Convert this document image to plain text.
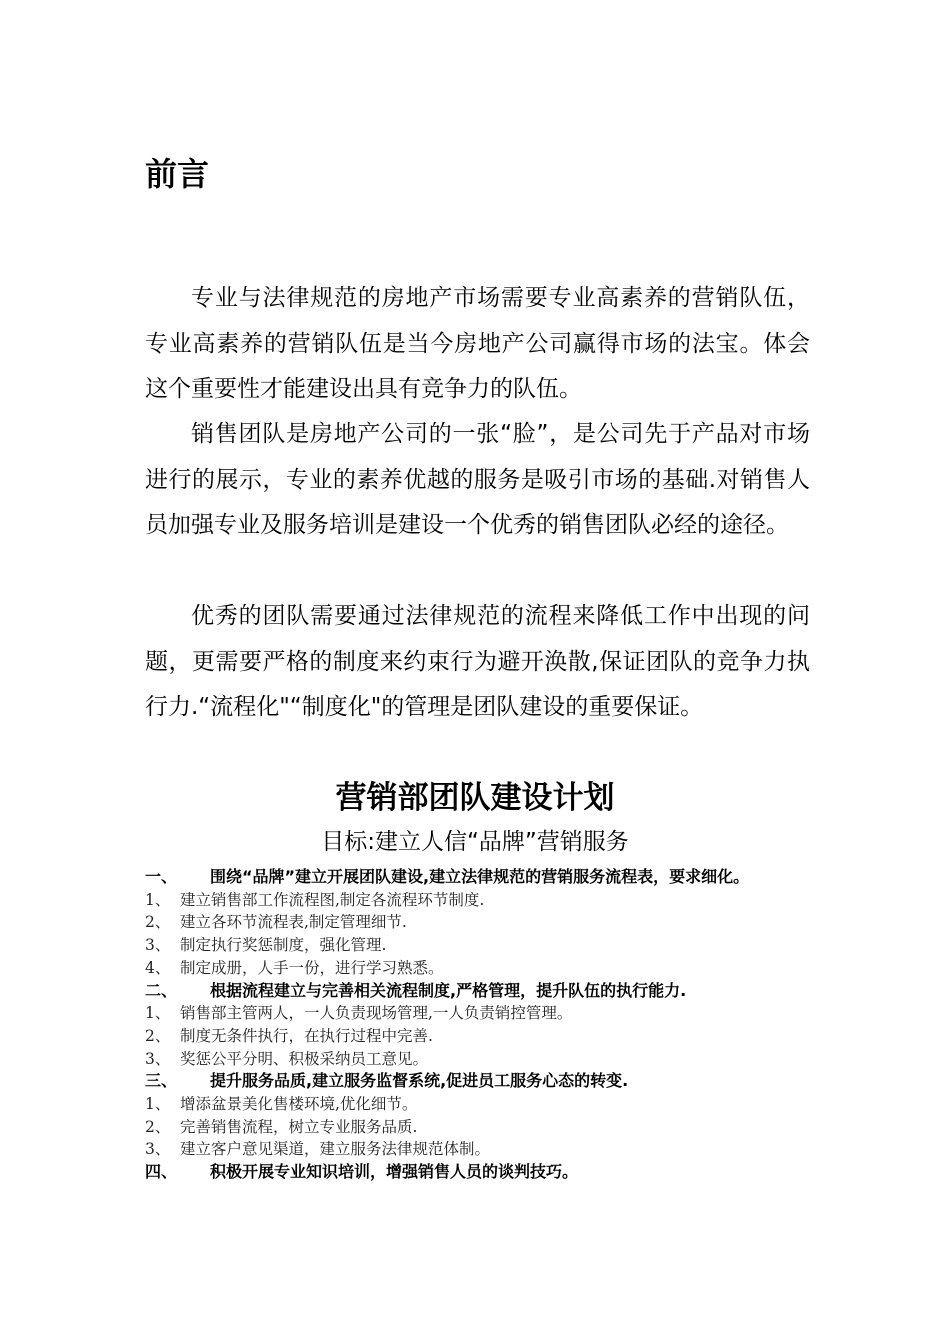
前言

专业与法律规范的房地产市场需要专业高素养的营销队伍，专业高素养的营销队伍是当今房地产公司赢得市场的法宝。体会这个重要性才能建设出具有竞争力的队伍。

销售团队是房地产公司的一张“脸”，是公司先于产品对市场进行的展示，专业的素养优越的服务是吸引市场的基础.对销售人员加强专业及服务培训是建设一个优秀的销售团队必经的途径。

优秀的团队需要通过法律规范的流程来降低工作中出现的问题，更需要严格的制度来约束行为避开涣散,保证团队的竞争力执行力.“流程化"“制度化"的管理是团队建设的重要保证。

营销部团队建设计划
目标:建立人信“品牌”营销服务
一、	围绕“品牌”建立开展团队建设,建立法律规范的营销服务流程表，要求细化。
1、 建立销售部工作流程图,制定各流程环节制度.
2、 建立各环节流程表,制定管理细节.
3、 制定执行奖惩制度，强化管理.
4、 制定成册，人手一份，进行学习熟悉。
二、	根据流程建立与完善相关流程制度,严格管理，提升队伍的执行能力.
1、 销售部主管两人，一人负责现场管理,一人负责销控管理。
2、 制度无条件执行，在执行过程中完善.
3、 奖惩公平分明、积极采纳员工意见。
三、	提升服务品质,建立服务监督系统,促进员工服务心态的转变.
1、 增添盆景美化售楼环境,优化细节。
2、 完善销售流程，树立专业服务品质.
3、 建立客户意见渠道，建立服务法律规范体制。
四、	积极开展专业知识培训，增强销售人员的谈判技巧。
